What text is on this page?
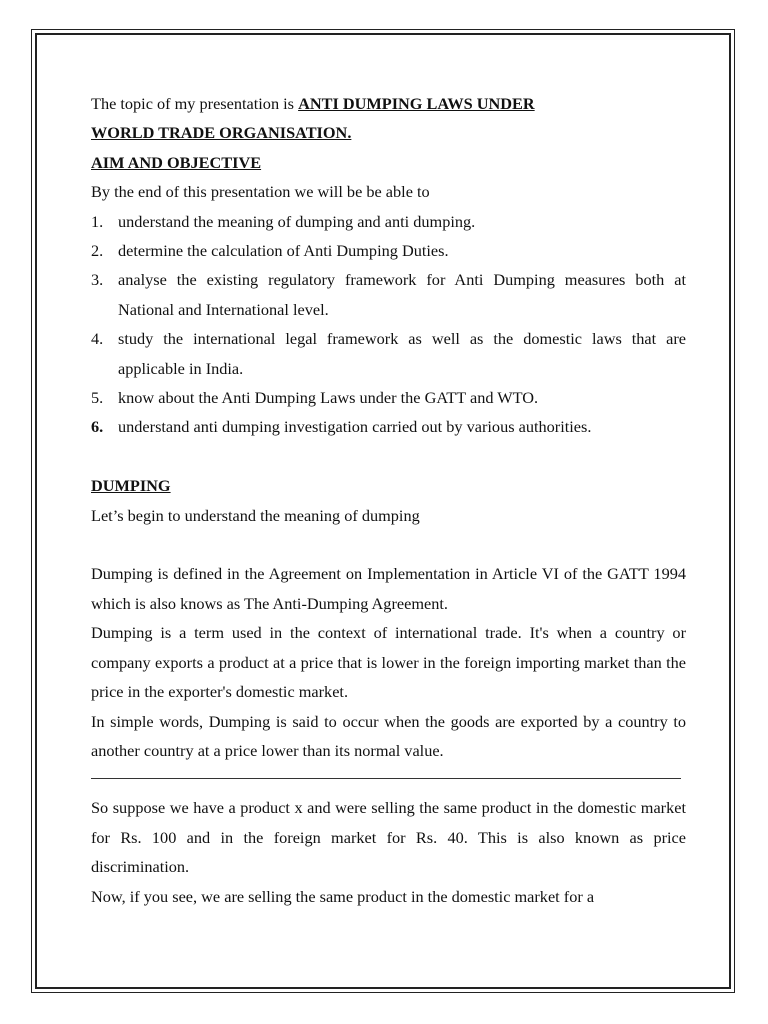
The topic of my presentation is ANTI DUMPING LAWS UNDER

WORLD TRADE ORGANISATION.

AIM AND OBJECTIVE

By the end of this presentation we will be be able to

1. understand the meaning of dumping and anti dumping.
2. determine the calculation of Anti Dumping Duties.
3. analyse the existing regulatory framework for Anti Dumping measures both at National and International level.
4. study the international legal framework as well as the domestic laws that are applicable in India.
5. know about the Anti Dumping Laws under the GATT and WTO.
6. understand anti dumping investigation carried out by various authorities.

DUMPING

Let’s begin to understand the meaning of dumping

Dumping is defined in the Agreement on Implementation in Article VI of the GATT 1994 which is also knows as The Anti-Dumping Agreement.

Dumping is a term used in the context of international trade. It's when a country or company exports a product at a price that is lower in the foreign importing market than the price in the exporter's domestic market.

In simple words, Dumping is said to occur when the goods are exported by a country to another country at a price lower than its normal value.

So suppose we have a product x and were selling the same product in the domestic market for Rs. 100 and in the foreign market for Rs. 40. This is also known as price discrimination.

Now, if you see, we are selling the same product in the domestic market for a
